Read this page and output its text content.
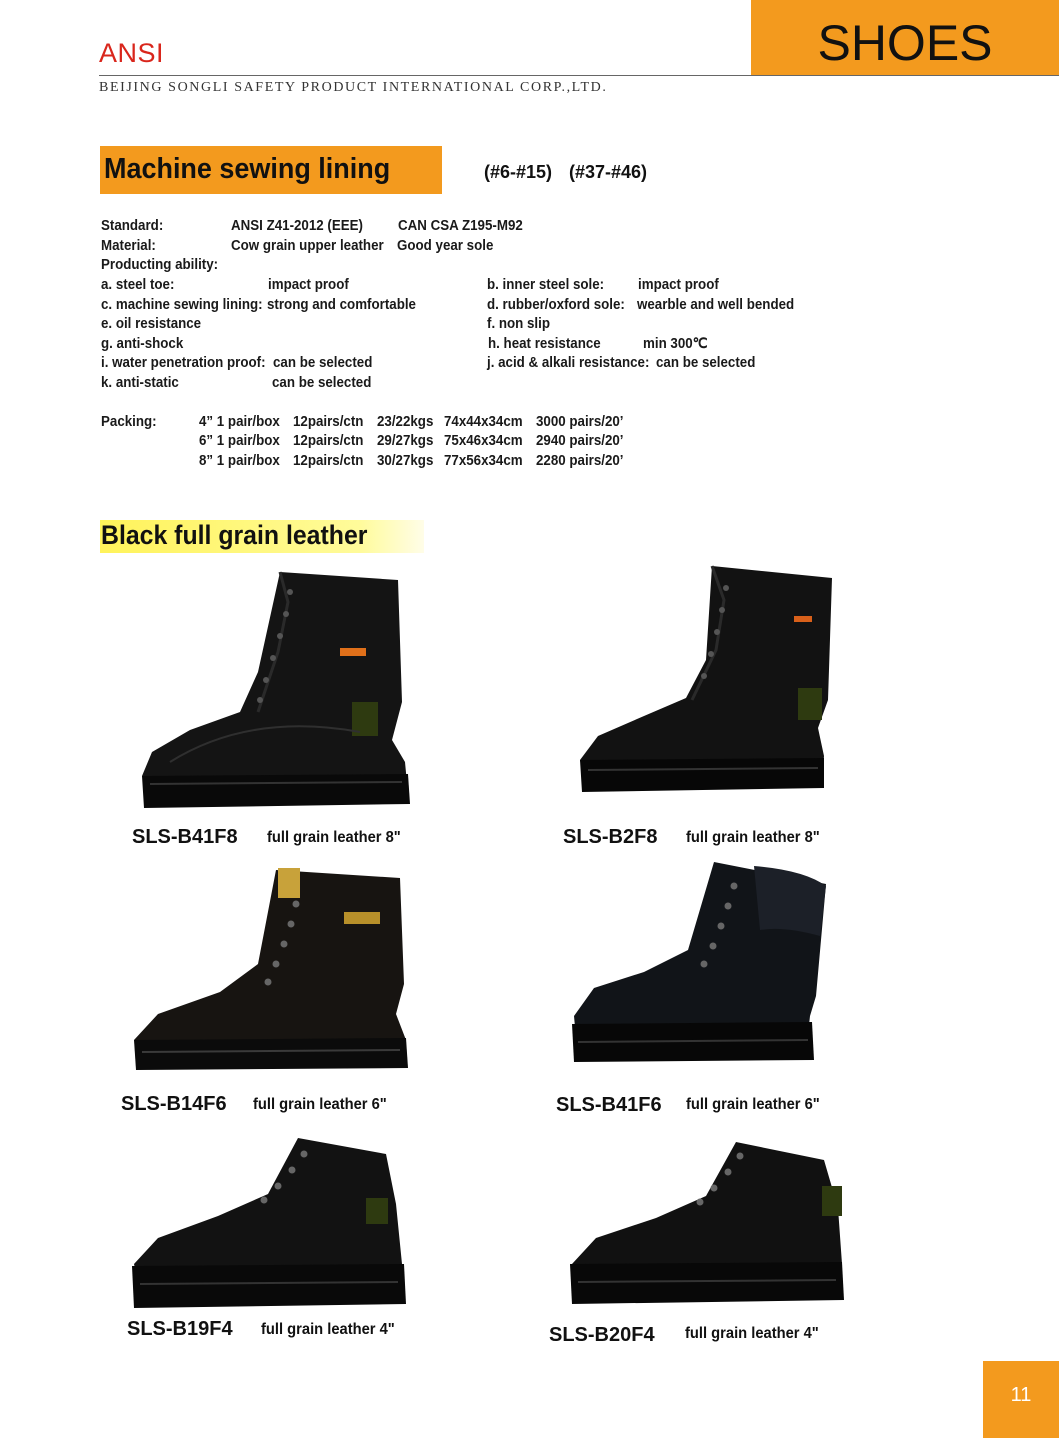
ANSI	SHOES
BEIJING SONGLI SAFETY PRODUCT INTERNATIONAL CORP.,LTD.
Machine sewing lining	(#6-#15) (#37-#46)
Standard:	ANSI Z41-2012 (EEE) CAN CSA Z195-M92
Material:	Cow grain upper leather Good year sole
Producting ability:
a. steel toe:	impact proof	b. inner steel sole: impact proof
c. machine sewing lining: strong and comfortable	d. rubber/oxford sole: wearble and well bended
e. oil resistance	f. non slip
g. anti-shock	h. heat resistance	min 300℃
i. water penetration proof: can be selected	j. acid & alkali resistance: can be selected
k. anti-static	can be selected
Packing:	4” 1 pair/box 12pairs/ctn 23/22kgs 74x44x34cm 3000 pairs/20’
6” 1 pair/box 12pairs/ctn 29/27kgs 75x46x34cm 2940 pairs/20’
8” 1 pair/box 12pairs/ctn 30/27kgs 77x56x34cm 2280 pairs/20’
Black full grain leather
SLS-B41F8 full grain leather 8"	SLS-B2F8 full grain leather 8"
SLS-B14F6 full grain leather 6"	SLS-B41F6 full grain leather 6"
SLS-B19F4 full grain leather 4"	SLS-B20F4 full grain leather 4"
11
